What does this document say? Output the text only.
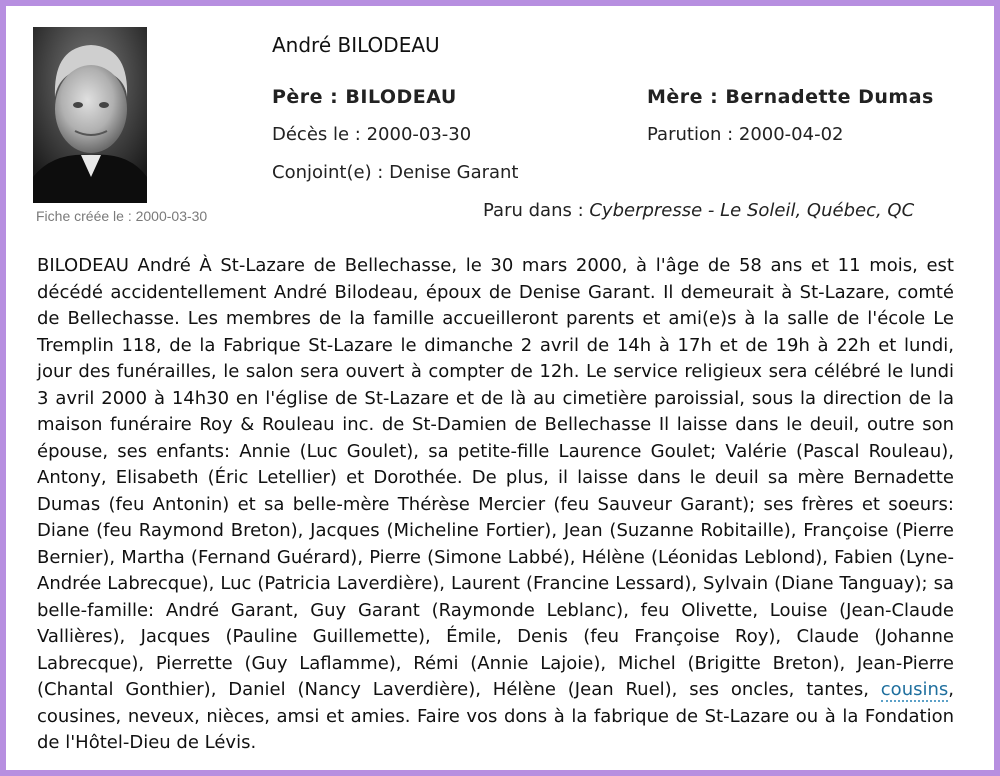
Fiche créée le : 2000-03-30
André BILODEAU
Père : BILODEAU	Mère : Bernadette Dumas
Décès le : 2000-03-30	Parution : 2000-04-02
Conjoint(e) : Denise Garant
Paru dans : Cyberpresse - Le Soleil, Québec, QC
BILODEAU André À St-Lazare de Bellechasse, le 30 mars 2000, à l'âge de 58 ans et 11 mois, est décédé accidentellement André Bilodeau, époux de Denise Garant. Il demeurait à St-Lazare, comté de Bellechasse. Les membres de la famille accueilleront parents et ami(e)s à la salle de l'école Le Tremplin 118, de la Fabrique St-Lazare le dimanche 2 avril de 14h à 17h et de 19h à 22h et lundi, jour des funérailles, le salon sera ouvert à compter de 12h. Le service religieux sera célébré le lundi 3 avril 2000 à 14h30 en l'église de St-Lazare et de là au cimetière paroissial, sous la direction de la maison funéraire Roy & Rouleau inc. de St-Damien de Bellechasse Il laisse dans le deuil, outre son épouse, ses enfants: Annie (Luc Goulet), sa petite-fille Laurence Goulet; Valérie (Pascal Rouleau), Antony, Elisabeth (Éric Letellier) et Dorothée. De plus, il laisse dans le deuil sa mère Bernadette Dumas (feu Antonin) et sa belle-mère Thérèse Mercier (feu Sauveur Garant); ses frères et soeurs: Diane (feu Raymond Breton), Jacques (Micheline Fortier), Jean (Suzanne Robitaille), Françoise (Pierre Bernier), Martha (Fernand Guérard), Pierre (Simone Labbé), Hélène (Léonidas Leblond), Fabien (Lyne-Andrée Labrecque), Luc (Patricia Laverdière), Laurent (Francine Lessard), Sylvain (Diane Tanguay); sa belle-famille: André Garant, Guy Garant (Raymonde Leblanc), feu Olivette, Louise (Jean-Claude Vallières), Jacques (Pauline Guillemette), Émile, Denis (feu Françoise Roy), Claude (Johanne Labrecque), Pierrette (Guy Laflamme), Rémi (Annie Lajoie), Michel (Brigitte Breton), Jean-Pierre (Chantal Gonthier), Daniel (Nancy Laverdière), Hélène (Jean Ruel), ses oncles, tantes, cousins, cousines, neveux, nièces, amsi et amies. Faire vos dons à la fabrique de St-Lazare ou à la Fondation de l'Hôtel-Dieu de Lévis.
